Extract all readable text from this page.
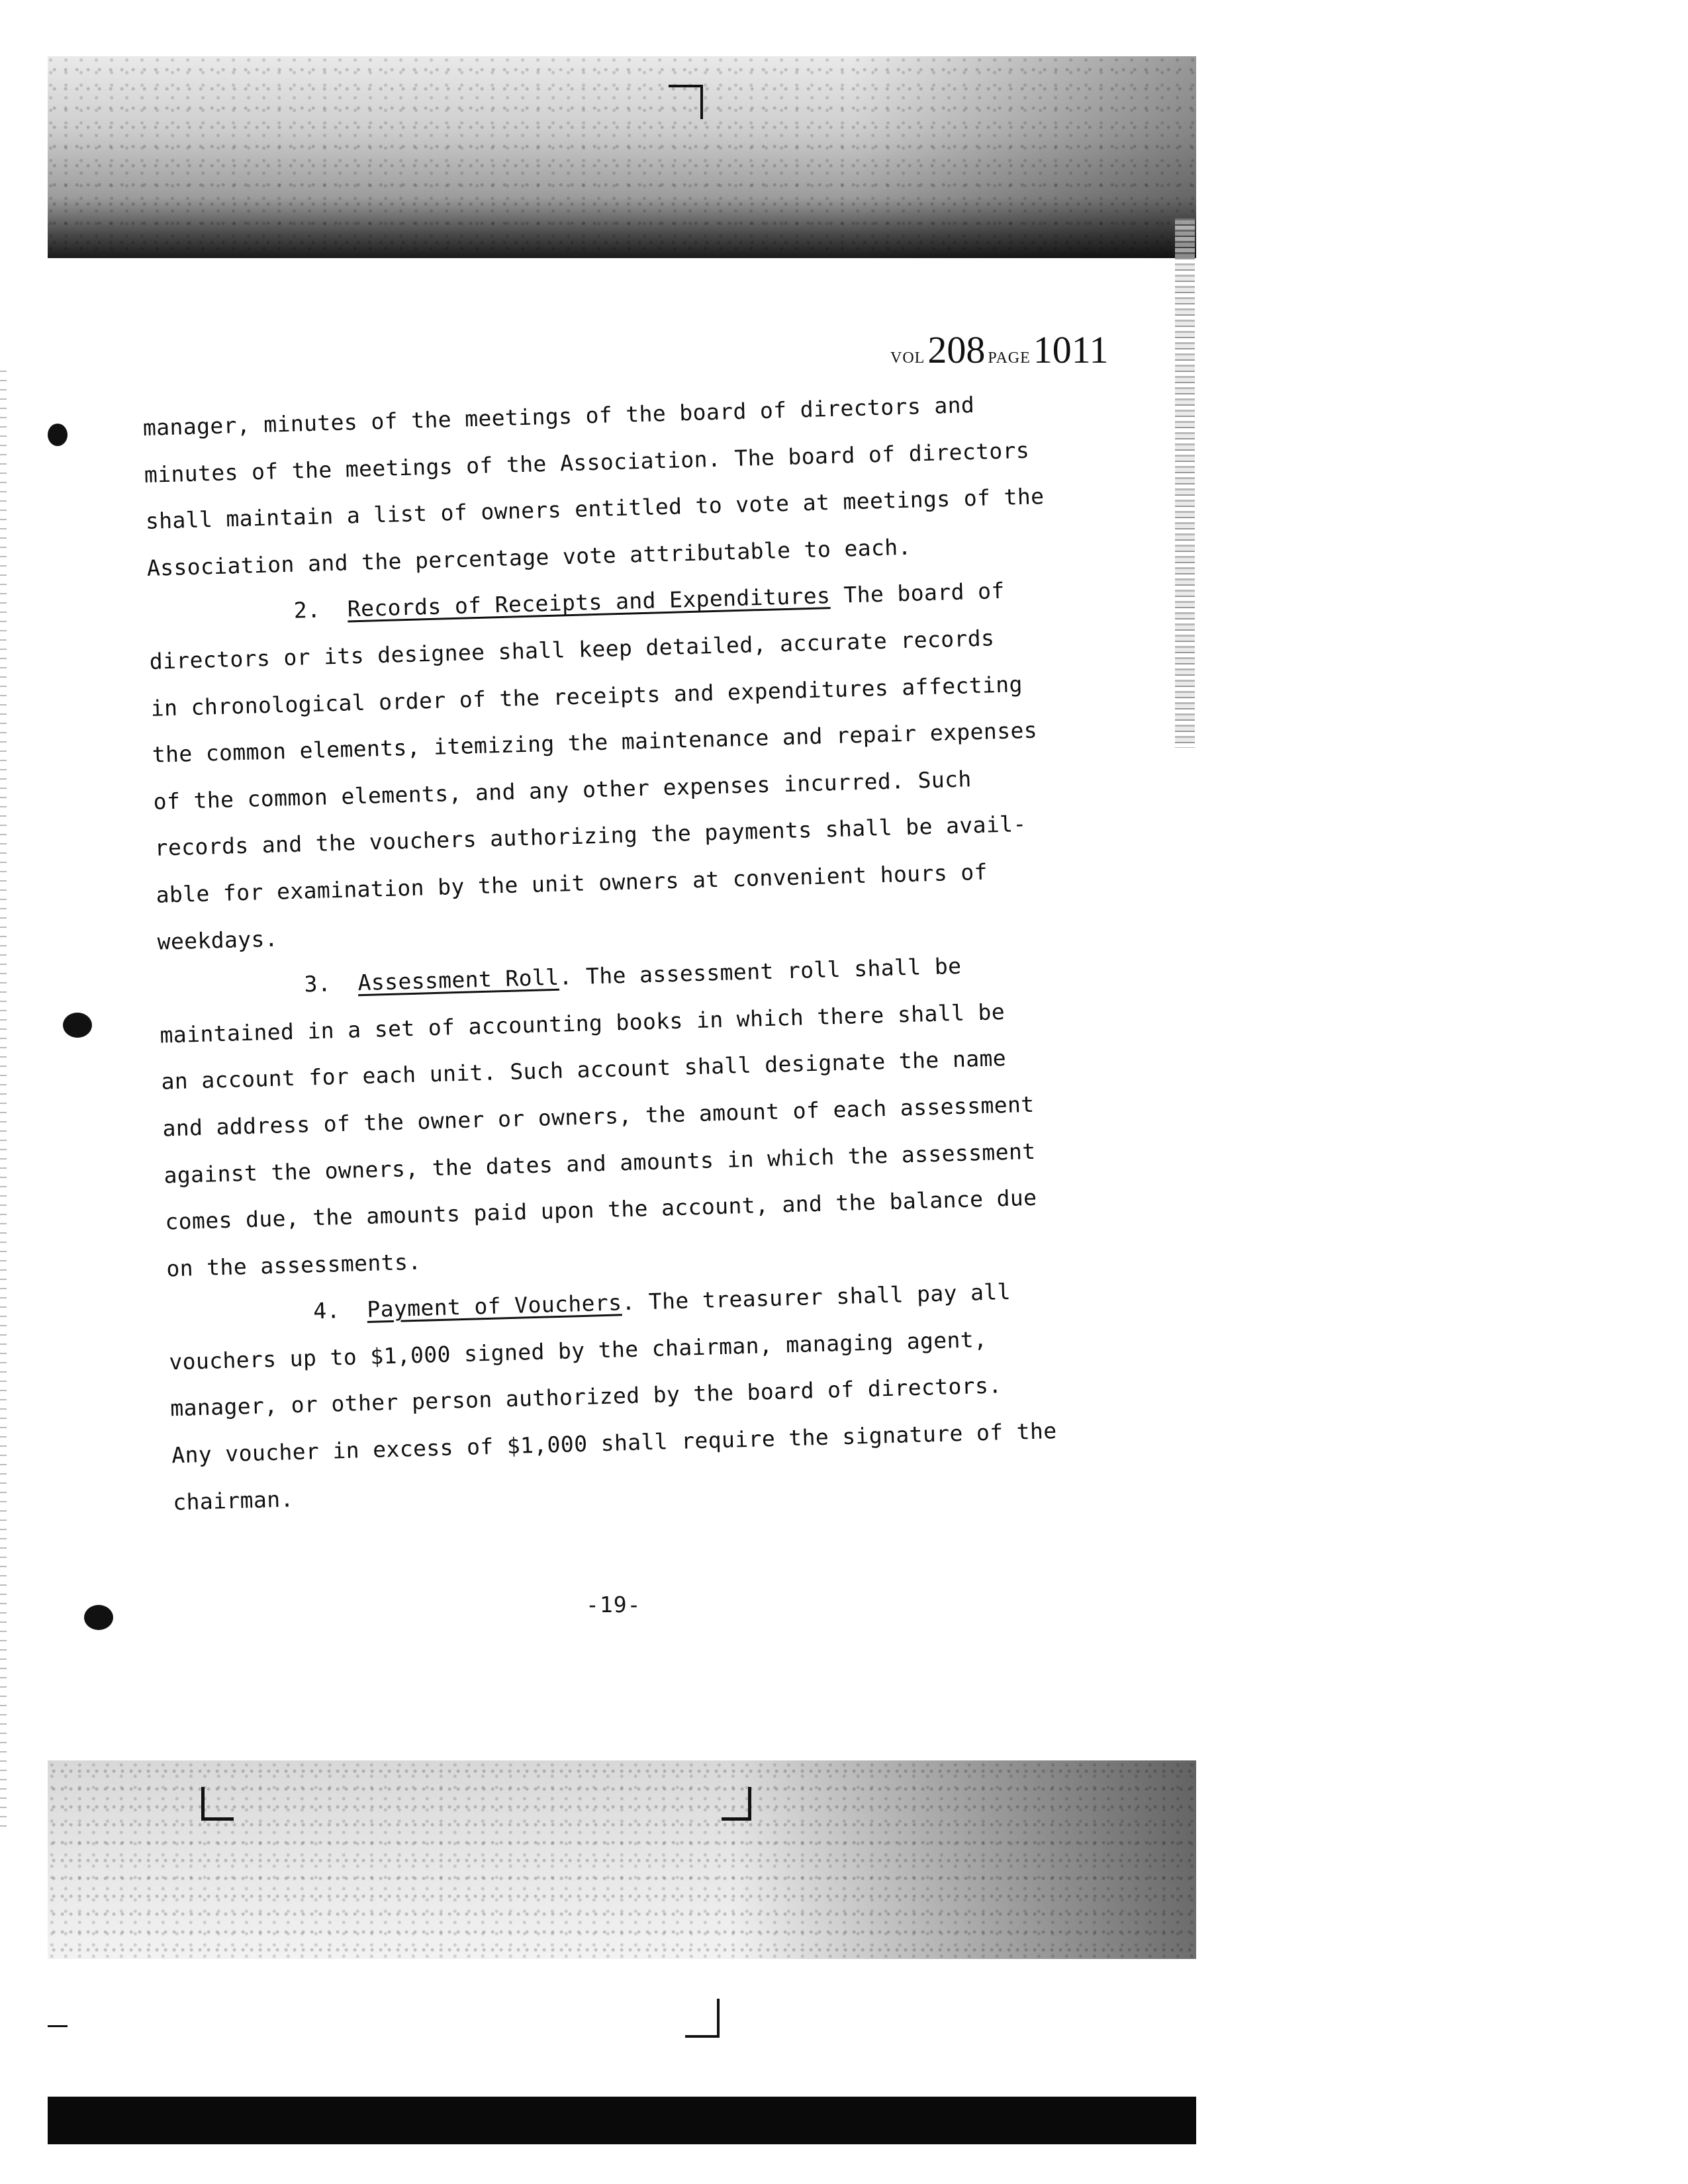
VOL 208 PAGE 1011

manager, minutes of the meetings of the board of directors and

minutes of the meetings of the Association. The board of directors

shall maintain a list of owners entitled to vote at meetings of the

Association and the percentage vote attributable to each.

2. Records of Receipts and Expenditures The board of

directors or its designee shall keep detailed, accurate records

in chronological order of the receipts and expenditures affecting

the common elements, itemizing the maintenance and repair expenses

of the common elements, and any other expenses incurred. Such

records and the vouchers authorizing the payments shall be avail-

able for examination by the unit owners at convenient hours of

weekdays.

3. Assessment Roll. The assessment roll shall be

maintained in a set of accounting books in which there shall be

an account for each unit. Such account shall designate the name

and address of the owner or owners, the amount of each assessment

against the owners, the dates and amounts in which the assessment

comes due, the amounts paid upon the account, and the balance due

on the assessments.

4. Payment of Vouchers. The treasurer shall pay all

vouchers up to $1,000 signed by the chairman, managing agent,

manager, or other person authorized by the board of directors.

Any voucher in excess of $1,000 shall require the signature of the

chairman.

-19-
